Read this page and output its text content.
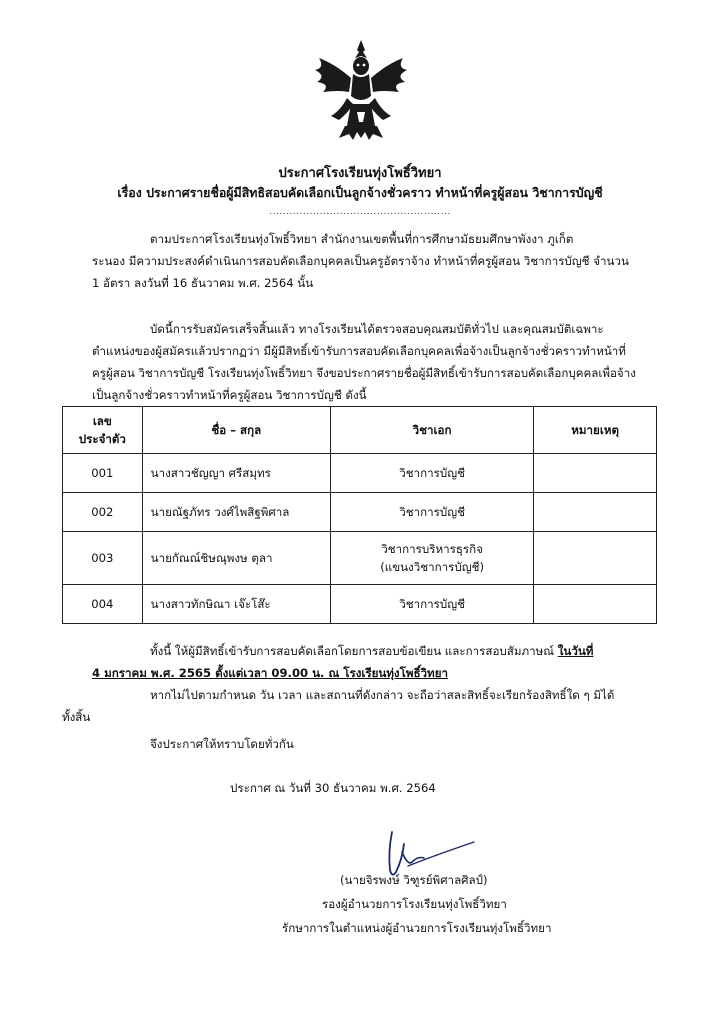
ประกาศโรงเรียนทุ่งโพธิ์วิทยา
เรื่อง ประกาศรายชื่อผู้มีสิทธิสอบคัดเลือกเป็นลูกจ้างชั่วคราว ทำหน้าที่ครูผู้สอน วิชาการบัญชี
......................................................

ตามประกาศโรงเรียนทุ่งโพธิ์วิทยา สำนักงานเขตพื้นที่การศึกษามัธยมศึกษาพังงา ภูเก็ต
ระนอง มีความประสงค์ดำเนินการสอบคัดเลือกบุคคลเป็นครูอัตราจ้าง ทำหน้าที่ครูผู้สอน วิชาการบัญชี จำนวน
1 อัตรา ลงวันที่ 16 ธันวาคม พ.ศ. 2564 นั้น

บัดนี้การรับสมัครเสร็จสิ้นแล้ว ทางโรงเรียนได้ตรวจสอบคุณสมบัติทั่วไป และคุณสมบัติเฉพาะ
ตำแหน่งของผู้สมัครแล้วปรากฏว่า มีผู้มีสิทธิ์เข้ารับการสอบคัดเลือกบุคคลเพื่อจ้างเป็นลูกจ้างชั่วคราวทำหน้าที่
ครูผู้สอน วิชาการบัญชี โรงเรียนทุ่งโพธิ์วิทยา จึงขอประกาศรายชื่อผู้มีสิทธิ์เข้ารับการสอบคัดเลือกบุคคลเพื่อจ้าง
เป็นลูกจ้างชั่วคราวทำหน้าที่ครูผู้สอน วิชาการบัญชี ดังนี้

เลข
ประจำตัว	ชื่อ – สกุล	วิชาเอก	หมายเหตุ
001	นางสาวชัญญา ศรีสมุทร	วิชาการบัญชี	
002	นายณัฐภัทร วงศ์ไพสิฐพิศาล	วิชาการบัญชี	
003	นายกัณณ์ชิษณุพงษ ตุลา	วิชาการบริหารธุรกิจ
(แขนงวิชาการบัญชี)	
004	นางสาวทักษิณา เจ๊ะโส๊ะ	วิชาการบัญชี	

ทั้งนี้ ให้ผู้มีสิทธิ์เข้ารับการสอบคัดเลือกโดยการสอบข้อเขียน และการสอบสัมภาษณ์ ในวันที่
4 มกราคม พ.ศ. 2565 ตั้งแต่เวลา 09.00 น. ณ โรงเรียนทุ่งโพธิ์วิทยา

หากไม่ไปตามกำหนด วัน เวลา และสถานที่ดังกล่าว จะถือว่าสละสิทธิ์จะเรียกร้องสิทธิ์ใด ๆ มิได้
ทั้งสิ้น

จึงประกาศให้ทราบโดยทั่วกัน

ประกาศ ณ วันที่ 30 ธันวาคม พ.ศ. 2564

(นายจิรพงษ์ วิฑูรย์พิศาลศิลป์)

รองผู้อำนวยการโรงเรียนทุ่งโพธิ์วิทยา

รักษาการในตำแหน่งผู้อำนวยการโรงเรียนทุ่งโพธิ์วิทยา
